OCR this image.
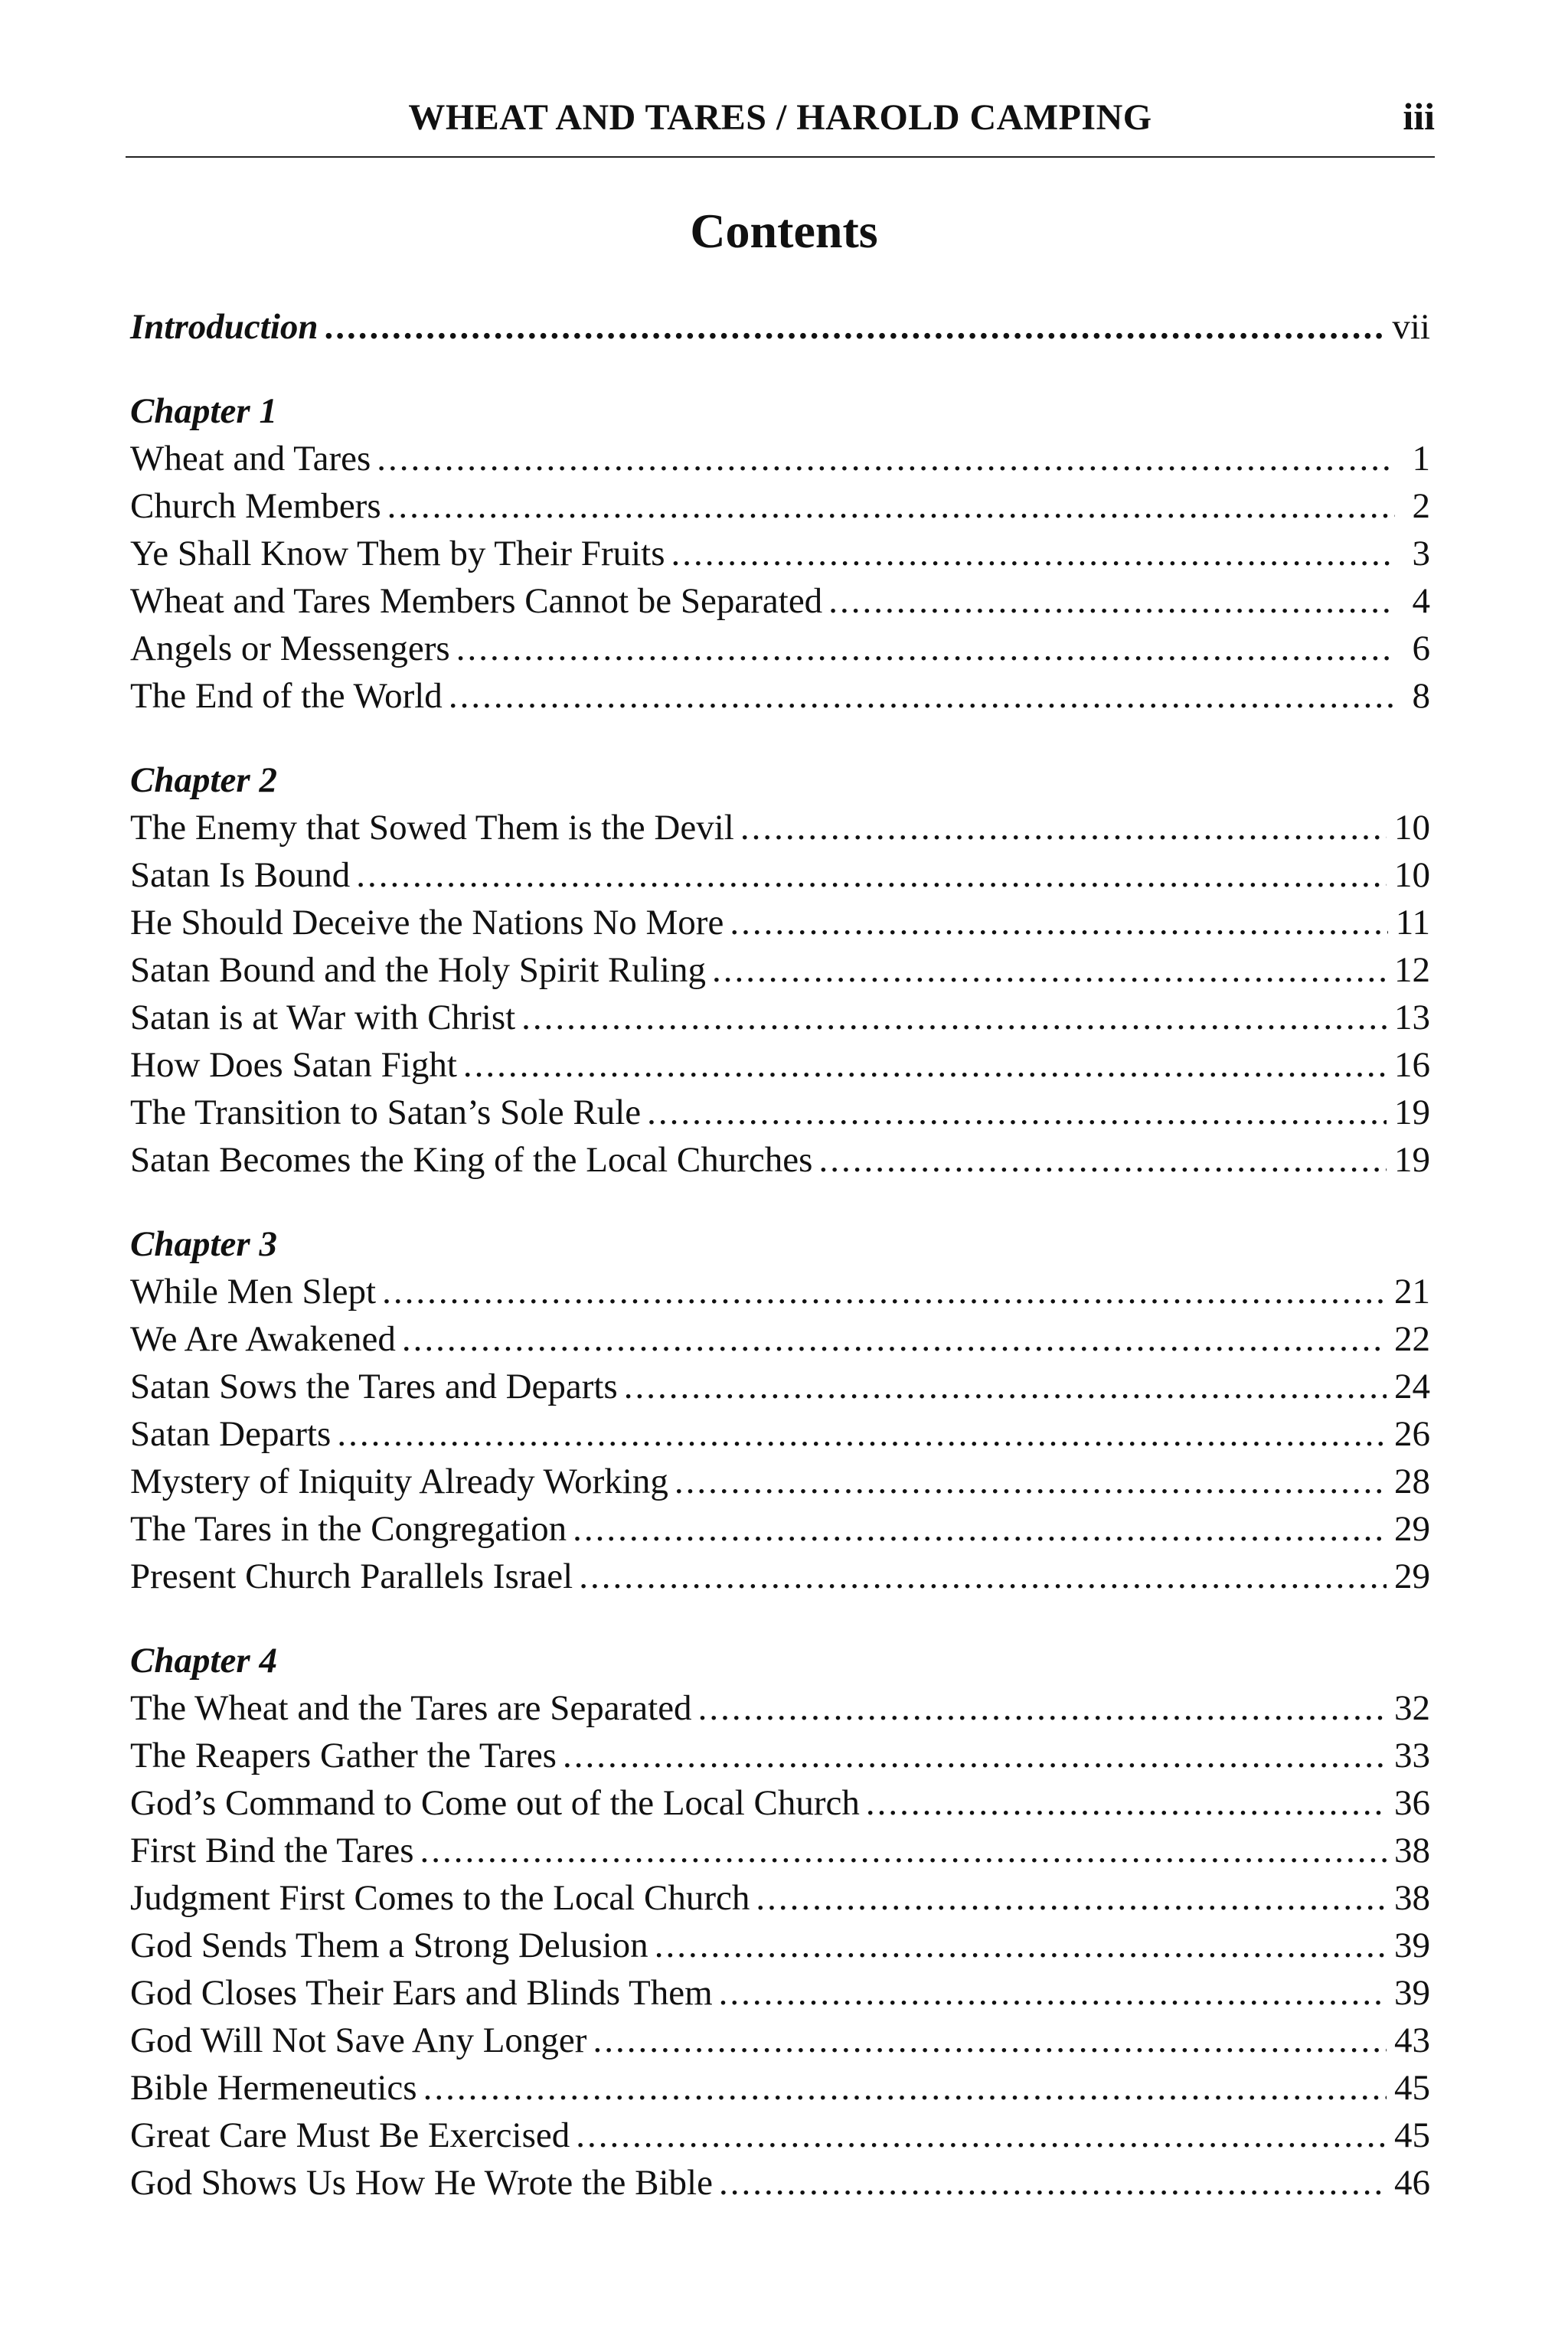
WHEAT AND TARES / HAROLD CAMPING	iii
Contents
Introduction .....	vii
Chapter 1
Wheat and Tares .....	1
Church Members .....	2
Ye Shall Know Them by Their Fruits .....	3
Wheat and Tares Members Cannot be Separated .....	4
Angels or Messengers .....	6
The End of the World .....	8
Chapter 2
The Enemy that Sowed Them is the Devil .....	10
Satan Is Bound .....	10
He Should Deceive the Nations No More .....	11
Satan Bound and the Holy Spirit Ruling .....	12
Satan is at War with Christ .....	13
How Does Satan Fight .....	16
The Transition to Satan’s Sole Rule .....	19
Satan Becomes the King of the Local Churches .....	19
Chapter 3
While Men Slept .....	21
We Are Awakened .....	22
Satan Sows the Tares and Departs .....	24
Satan Departs .....	26
Mystery of Iniquity Already Working .....	28
The Tares in the Congregation .....	29
Present Church Parallels Israel .....	29
Chapter 4
The Wheat and the Tares are Separated .....	32
The Reapers Gather the Tares .....	33
God’s Command to Come out of the Local Church .....	36
First Bind the Tares .....	38
Judgment First Comes to the Local Church .....	38
God Sends Them a Strong Delusion .....	39
God Closes Their Ears and Blinds Them .....	39
God Will Not Save Any Longer .....	43
Bible Hermeneutics .....	45
Great Care Must Be Exercised .....	45
God Shows Us How He Wrote the Bible .....	46
